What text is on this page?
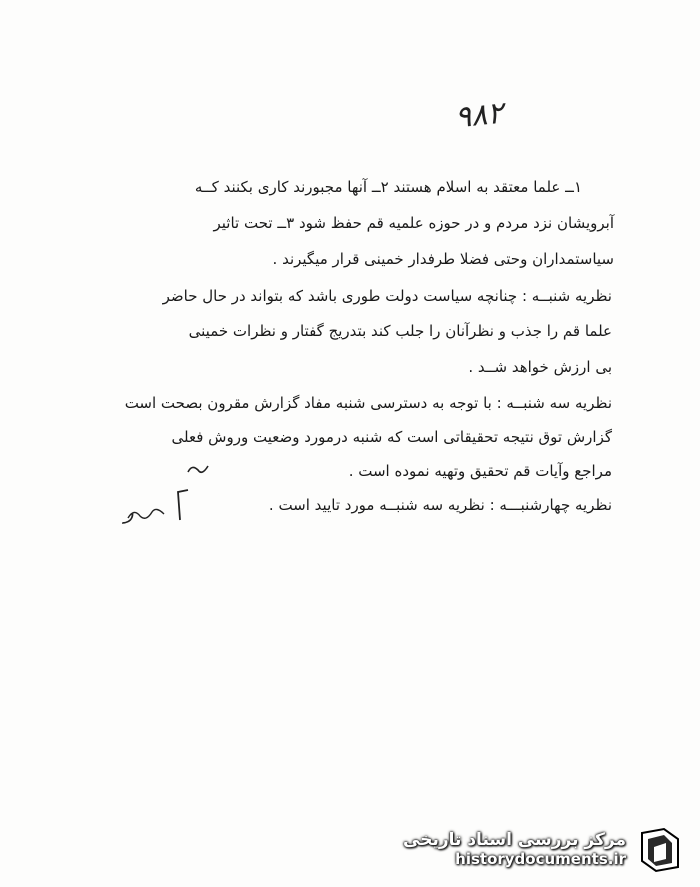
۹۸۲
۱ــ علما معتقد به اسلام هستند ۲ــ آنها مجبورند کاری بکنند کــه
آبرویشان نزد مردم و در حوزه علمیه قم حفظ شود ۳ــ تحت تاثیر
سیاستمداران وحتی فضلا طرفدار خمینی قرار میگیرند .
نظریه شنبــه : چنانچه سیاست دولت طوری باشد که بتواند در حال حاضر
علما قم را جذب و نظرآنان را جلب کند بتدریج گفتار و نظرات خمینی
بی ارزش خواهد شــد .
نظریه سه شنبــه : با توجه به دسترسی شنبه مفاد گزارش مقرون بصحت است
گزارش توق نتیجه تحقیقاتی است که شنبه درمورد وضعیت وروش فعلی
مراجع وآیات قم تحقیق وتهیه نموده است .
نظریه چهارشنبـــه : نظریه سه شنبــه مورد تایید است .
ر
مرکز بررسی اسناد تاریخی
historydocuments.ir
